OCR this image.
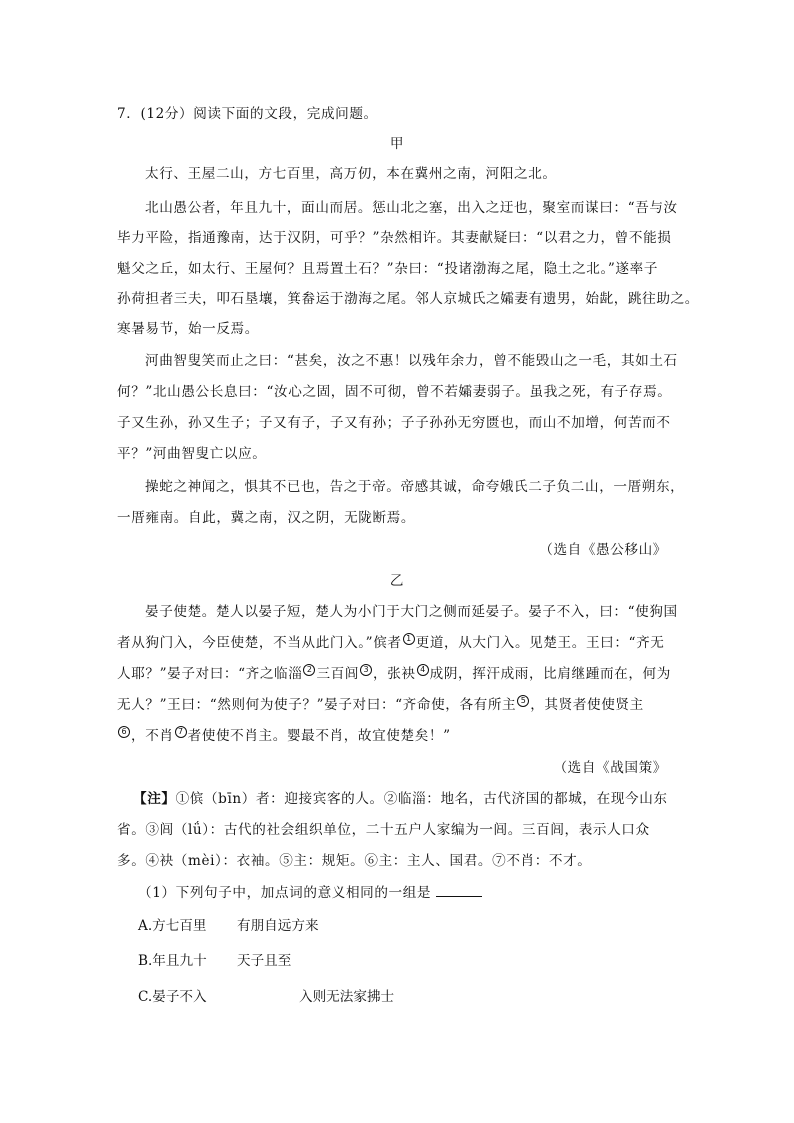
7．(12分）阅读下面的文段，完成问题。

甲

太行、王屋二山，方七百里，高万仞，本在冀州之南，河阳之北。

北山愚公者，年且九十，面山而居。惩山北之塞，出入之迂也，聚室而谋曰：“吾与汝

毕力平险，指通豫南，达于汉阴，可乎？”杂然相许。其妻献疑曰：“以君之力，曾不能损

魁父之丘，如太行、王屋何？且焉置土石？”杂曰：“投诸渤海之尾，隐土之北。”遂率子

孙荷担者三夫，叩石垦壤，箕畚运于渤海之尾。邻人京城氏之孀妻有遗男，始龀，跳往助之。

寒暑易节，始一反焉。

河曲智叟笑而止之曰：“甚矣，汝之不惠！以残年余力，曾不能毁山之一毛，其如土石

何？”北山愚公长息曰：“汝心之固，固不可彻，曾不若孀妻弱子。虽我之死，有子存焉。

子又生孙，孙又生子；子又有子，子又有孙；子子孙孙无穷匮也，而山不加增，何苦而不

平？”河曲智叟亡以应。

操蛇之神闻之，惧其不已也，告之于帝。帝感其诚，命夸娥氏二子负二山，一厝朔东，

一厝雍南。自此，冀之南，汉之阴，无陇断焉。

（选自《愚公移山》

乙

晏子使楚。楚人以晏子短，楚人为小门于大门之侧而延晏子。晏子不入，曰：“使狗国

者从狗门入，今臣使楚，不当从此门入。”傧者 1 更道，从大门入。见楚王。王曰：“齐无

人耶？”晏子对曰：“齐之临淄 2 三百闾 3 ，张袂 4 成阴，挥汗成雨，比肩继踵而在，何为

无人？”王曰：“然则何为使子？”晏子对曰：“齐命使，各有所主 5 ，其贤者使使贤主

6 ，不肖 7 者使使不肖主。婴最不肖，故宜使楚矣！”

（选自《战国策》

【注】①傧（bīn）者：迎接宾客的人。②临淄：地名，古代济国的都城，在现今山东

省。③闾（lǘ）：古代的社会组织单位，二十五户人家编为一闾。三百闾，表示人口众

多。④袂（mèi）：衣袖。⑤主：规矩。⑥主：主人、国君。⑦不肖：不才。

（1）下列句子中，加点词的意义相同的一组是

A.方七百里 有朋自远方来
B.年且九十 天子且至
C.晏子不入	入则无法家拂士
